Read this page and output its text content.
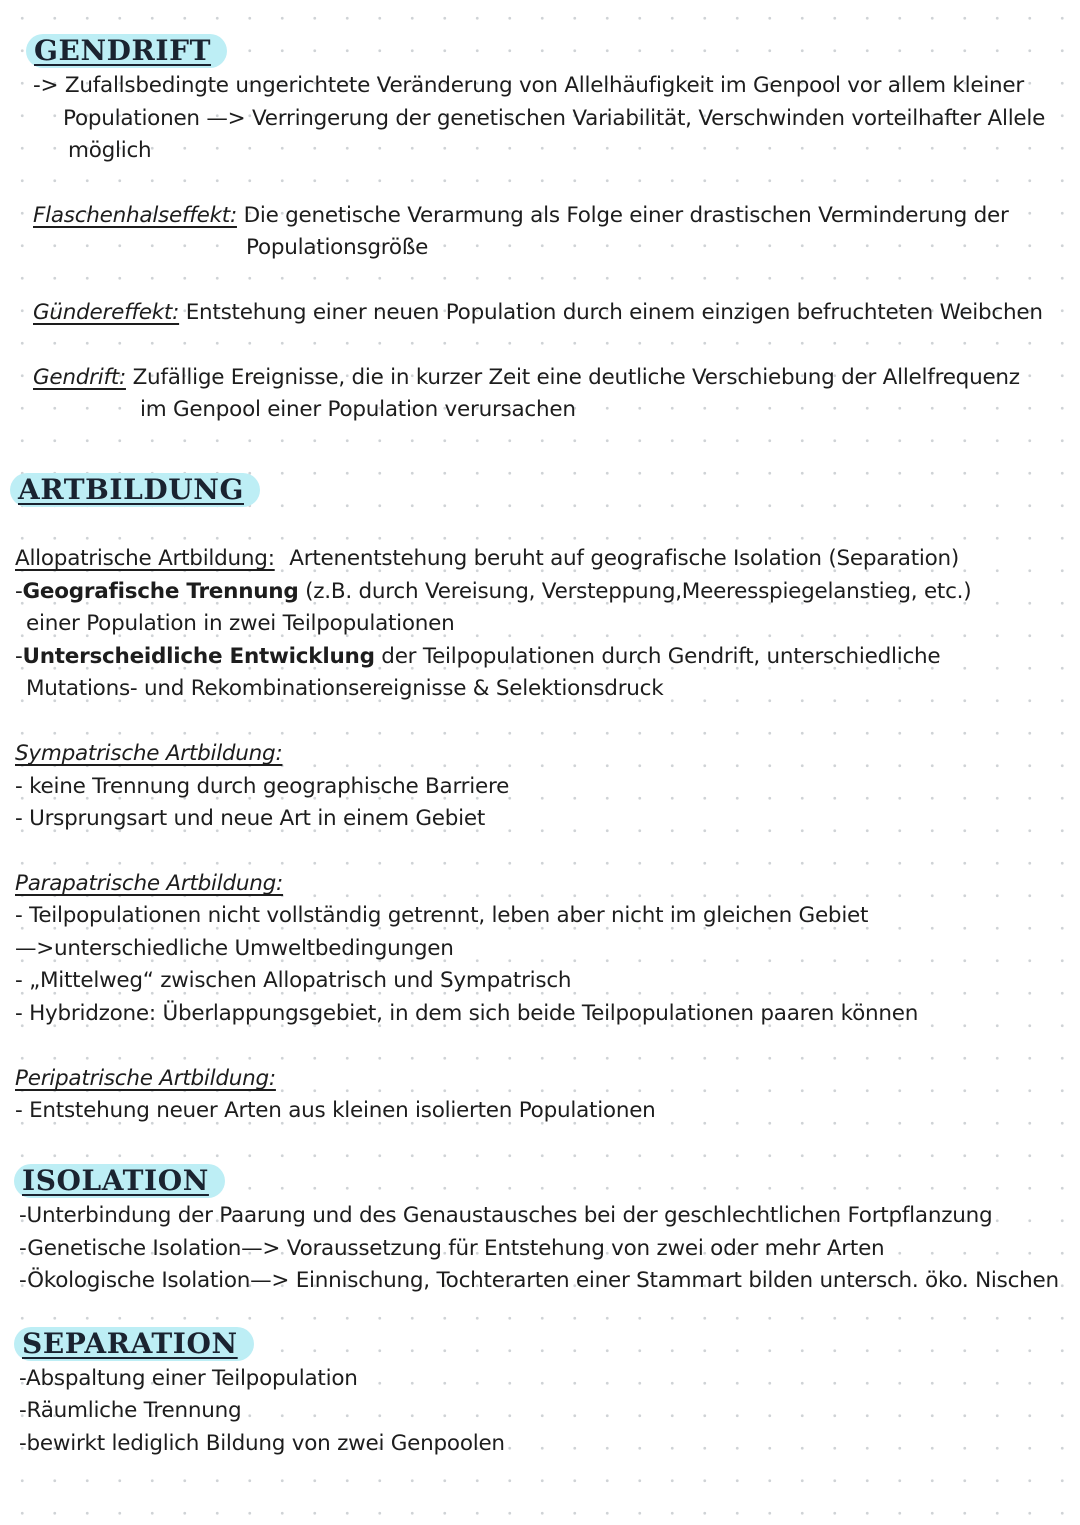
GENDRIFT
-> Zufallsbedingte ungerichtete Veränderung von Allelhäufigkeit im Genpool vor allem kleiner
Populationen —> Verringerung der genetischen Variabilität, Verschwinden vorteilhafter Allele
möglich
Flaschenhalseffekt: Die genetische Verarmung als Folge einer drastischen Verminderung der
Populationsgröße
Gündereffekt: Entstehung einer neuen Population durch einem einzigen befruchteten Weibchen
Gendrift: Zufällige Ereignisse, die in kurzer Zeit eine deutliche Verschiebung der Allelfrequenz
im Genpool einer Population verursachen
ARTBILDUNG
Allopatrische Artbildung: Artenentstehung beruht auf geografische Isolation (Separation)
-Geografische Trennung (z.B. durch Vereisung, Versteppung,Meeresspiegelanstieg, etc.)
einer Population in zwei Teilpopulationen
-Unterscheidliche Entwicklung der Teilpopulationen durch Gendrift, unterschiedliche
Mutations- und Rekombinationsereignisse & Selektionsdruck
Sympatrische Artbildung:
- keine Trennung durch geographische Barriere
- Ursprungsart und neue Art in einem Gebiet
Parapatrische Artbildung:
- Teilpopulationen nicht vollständig getrennt, leben aber nicht im gleichen Gebiet
—>unterschiedliche Umweltbedingungen
- „Mittelweg“ zwischen Allopatrisch und Sympatrisch
- Hybridzone: Überlappungsgebiet, in dem sich beide Teilpopulationen paaren können
Peripatrische Artbildung:
- Entstehung neuer Arten aus kleinen isolierten Populationen
ISOLATION
-Unterbindung der Paarung und des Genaustausches bei der geschlechtlichen Fortpflanzung
-Genetische Isolation—> Voraussetzung für Entstehung von zwei oder mehr Arten
-Ökologische Isolation—> Einnischung, Tochterarten einer Stammart bilden untersch. öko. Nischen
SEPARATION
-Abspaltung einer Teilpopulation
-Räumliche Trennung
-bewirkt lediglich Bildung von zwei Genpoolen
